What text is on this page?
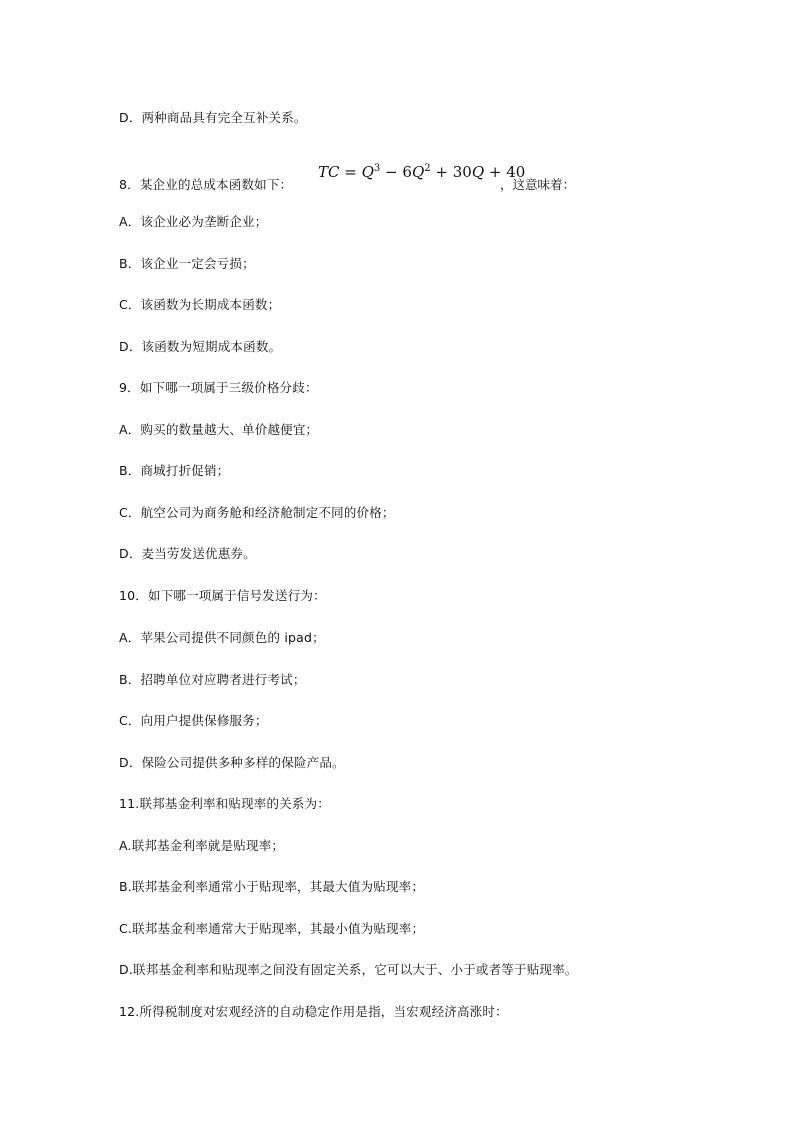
D．两种商品具有完全互补关系。
8．某企业的总成本函数如下：
TC = $Q^3 - 6Q^2 + 30Q + 40$
，这意味着：
A．该企业必为垄断企业；
B．该企业一定会亏损；
C．该函数为长期成本函数；
D．该函数为短期成本函数。
9．如下哪一项属于三级价格分歧：
A．购买的数量越大、单价越便宜；
B．商城打折促销；
C．航空公司为商务舱和经济舱制定不同的价格；
D．麦当劳发送优惠券。
10．如下哪一项属于信号发送行为：
A．苹果公司提供不同颜色的 ipad；
B．招聘单位对应聘者进行考试；
C．向用户提供保修服务；
D．保险公司提供多种多样的保险产品。
11.联邦基金利率和贴现率的关系为：
A.联邦基金利率就是贴现率；
B.联邦基金利率通常小于贴现率，其最大值为贴现率；
C.联邦基金利率通常大于贴现率，其最小值为贴现率；
D.联邦基金利率和贴现率之间没有固定关系，它可以大于、小于或者等于贴现率。
12.所得税制度对宏观经济的自动稳定作用是指，当宏观经济高涨时：
